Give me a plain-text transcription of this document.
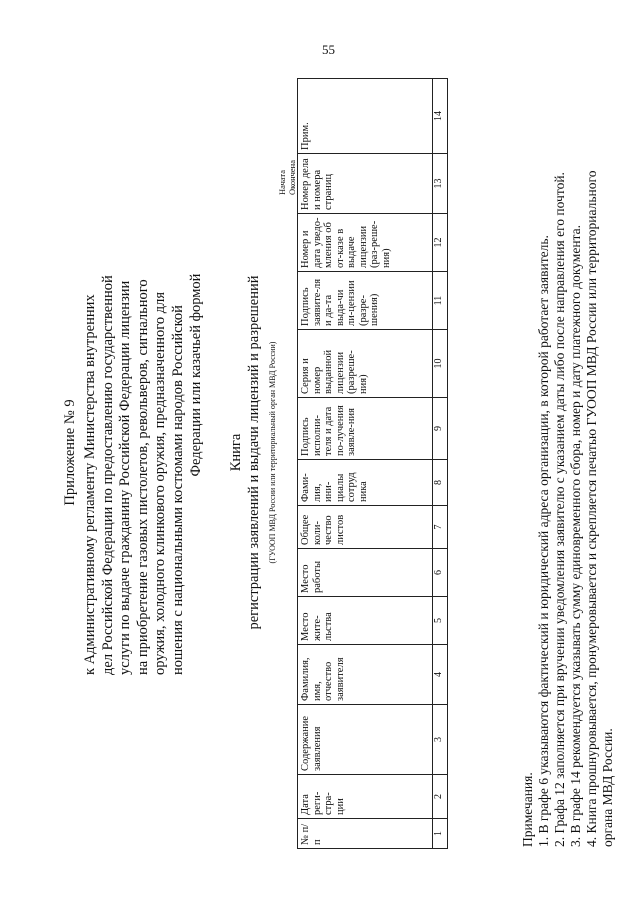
55
Приложение № 9 к Административному регламенту Министерства внутренних дел Российской Федерации по предоставлению государственной услуги по выдаче гражданину Российской Федерации лицензии на приобретение газовых пистолетов, револьверов, сигнального оружия, холодного клинкового оружия, предназначенного для ношения с национальными костюмами народов Российской Федерации или казачьей формой Книга регистрации заявлений и выдачи лицензий и разрешений (ГУООП МВД России или территориальный орган МВД России)
Начата Окончена
№ п/п	Дата реги-стра-ции	Содержание заявления	Фамилия, имя, отчество заявителя	Место жите-льства	Место работы	Общее коли-чество листов	Фами-лия, ини-циалы сотруд ника	Подпись исполни-теля и дата по-лучения заявле-ния	Серия и номер выданной лицензии (разреше-ния)	Подпись заявите-ля и да-та выда-чи ли-цензии (разре-шения)	Номер и дата уведо-мления об от-казе в выдаче лицензии (раз-реше-ния)	Номер дела и номера страниц	Прим.
1	2	3	4	5	6	7	8	9	10	11	12	13	14
Примечания. 1. В графе 6 указываются фактический и юридический адреса организации, в которой работает заявитель. 2. Графа 12 заполняется при вручении уведомления заявителю с указанием даты либо после направления его почтой. 3. В графе 14 рекомендуется указывать сумму единовременного сбора, номер и дату платежного документа. 4. Книга прошнуровывается, пронумеровывается и скрепляется печатью ГУООП МВД России или территориального органа МВД России.
